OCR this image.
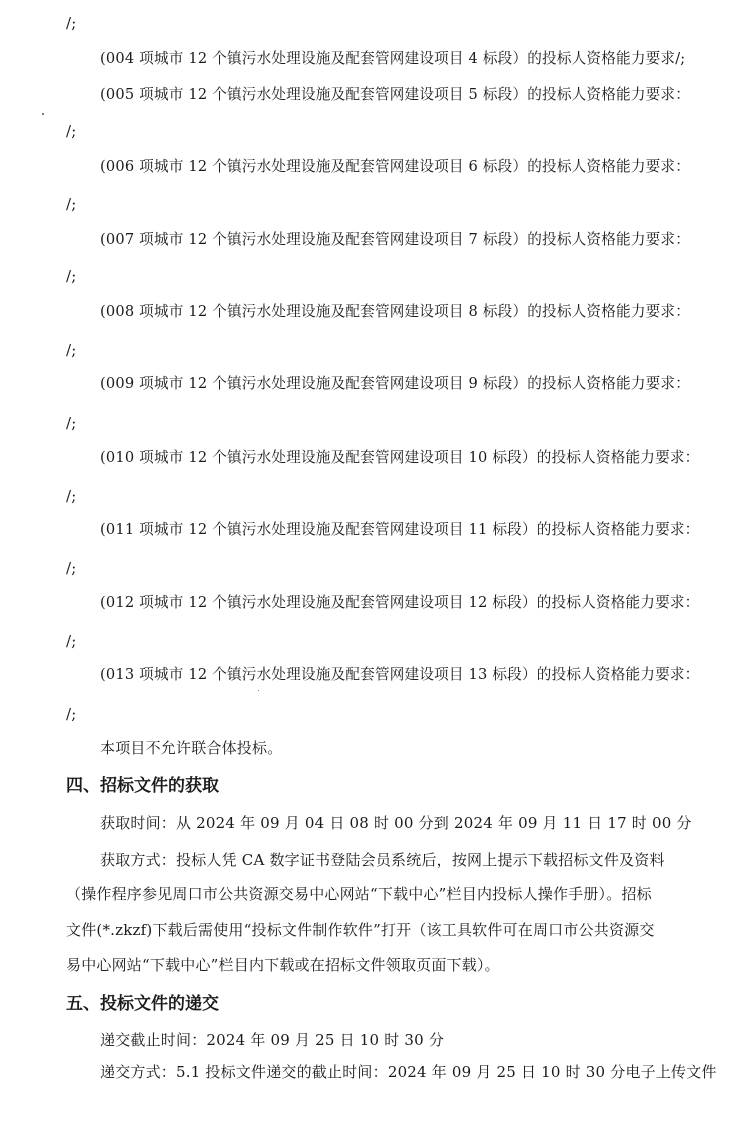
/;
(004 项城市 12 个镇污水处理设施及配套管网建设项目 4 标段）的投标人资格能力要求/;
(005 项城市 12 个镇污水处理设施及配套管网建设项目 5 标段）的投标人资格能力要求：
/;
(006 项城市 12 个镇污水处理设施及配套管网建设项目 6 标段）的投标人资格能力要求：
/;
(007 项城市 12 个镇污水处理设施及配套管网建设项目 7 标段）的投标人资格能力要求：
/;
(008 项城市 12 个镇污水处理设施及配套管网建设项目 8 标段）的投标人资格能力要求：
/;
(009 项城市 12 个镇污水处理设施及配套管网建设项目 9 标段）的投标人资格能力要求：
/;
(010 项城市 12 个镇污水处理设施及配套管网建设项目 10 标段）的投标人资格能力要求：
/;
(011 项城市 12 个镇污水处理设施及配套管网建设项目 11 标段）的投标人资格能力要求：
/;
(012 项城市 12 个镇污水处理设施及配套管网建设项目 12 标段）的投标人资格能力要求：
/;
(013 项城市 12 个镇污水处理设施及配套管网建设项目 13 标段）的投标人资格能力要求：
/;
本项目不允许联合体投标。
四、招标文件的获取
获取时间：从 2024 年 09 月 04 日 08 时 00 分到 2024 年 09 月 11 日 17 时 00 分
获取方式：投标人凭 CA 数字证书登陆会员系统后，按网上提示下载招标文件及资料
（操作程序参见周口市公共资源交易中心网站“下载中心”栏目内投标人操作手册）。招标
文件(*.zkzf)下载后需使用“投标文件制作软件”打开（该工具软件可在周口市公共资源交
易中心网站“下载中心”栏目内下载或在招标文件领取页面下载）。
五、投标文件的递交
递交截止时间：2024 年 09 月 25 日 10 时 30 分
递交方式：5.1 投标文件递交的截止时间：2024 年 09 月 25 日 10 时 30 分电子上传文件
